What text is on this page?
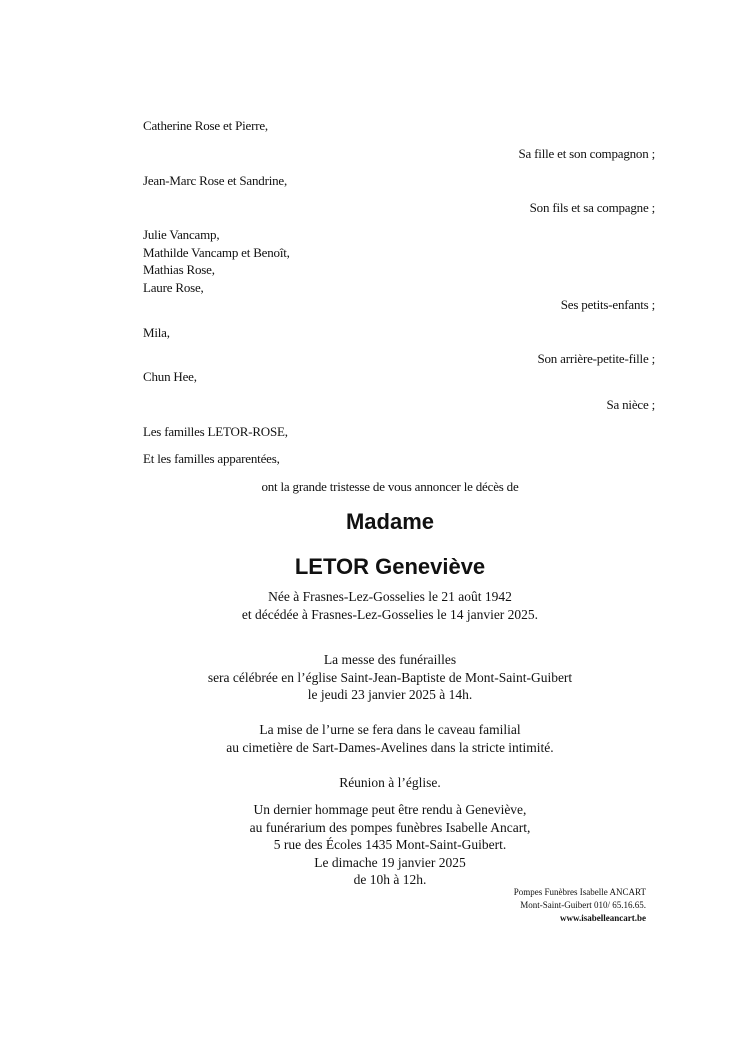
Catherine Rose et Pierre,
Sa fille et son compagnon ;
Jean-Marc Rose et Sandrine,
Son fils et sa compagne ;
Julie Vancamp,
Mathilde Vancamp et Benoît,
Mathias Rose,
Laure Rose,
Ses petits-enfants ;
Mila,
Son arrière-petite-fille ;
Chun Hee,
Sa nièce ;
Les familles LETOR-ROSE,
Et les familles apparentées,
ont la grande tristesse de vous annoncer le décès de
Madame
LETOR Geneviève
Née à Frasnes-Lez-Gosselies le 21 août 1942
et décédée à Frasnes-Lez-Gosselies le 14 janvier 2025.
La messe des funérailles
sera célébrée en l’église Saint-Jean-Baptiste de Mont-Saint-Guibert
le jeudi 23 janvier 2025 à 14h.
La mise de l’urne se fera dans le caveau familial
au cimetière de Sart-Dames-Avelines dans la stricte intimité.
Réunion à l’église.
Un dernier hommage peut être rendu à Geneviève,
au funérarium des pompes funèbres Isabelle Ancart,
5 rue des Écoles 1435 Mont-Saint-Guibert.
Le dimache 19 janvier 2025
de 10h à 12h.
Pompes Funèbres Isabelle ANCART
Mont-Saint-Guibert 010/ 65.16.65.
www.isabelleancart.be
